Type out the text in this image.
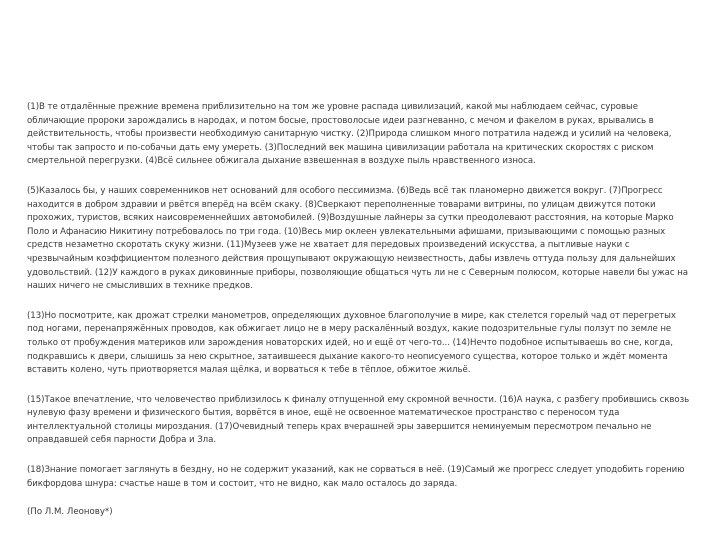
(1)В те отдалённые прежние времена приблизительно на том же уровне распада цивилизаций, какой мы наблюдаем сейчас, суровые обличающие пророки зарождались в народах, и потом босые, простоволосые идеи разгневанно, с мечом и факелом в руках, врывались в действительность, чтобы произвести необходимую санитарную чистку. (2)Природа слишком много потратила надежд и усилий на человека, чтобы так запросто и по-собачьи дать ему умереть. (3)Последний век машина цивилизации работала на критических скоростях с риском смертельной перегрузки. (4)Всё сильнее обжигала дыхание взвешенная в воздухе пыль нравственного износа.

(5)Казалось бы, у наших современников нет оснований для особого пессимизма. (6)Ведь всё так планомерно движется вокруг. (7)Прогресс находится в добром здравии и рвётся вперёд на всём скаку. (8)Сверкают переполненные товарами витрины, по улицам движутся потоки прохожих, туристов, всяких наисовременнейших автомобилей. (9)Воздушные лайнеры за сутки преодолевают расстояния, на которые Марко Поло и Афанасию Никитину потребовалось по три года. (10)Весь мир оклеен увлекательными афишами, призывающими с помощью разных средств незаметно скоротать скуку жизни. (11)Музеев уже не хватает для передовых произведений искусства, а пытливые науки с чрезвычайным коэффициентом полезного действия прощупывают окружающую неизвестность, дабы извлечь оттуда пользу для дальнейших удовольствий. (12)У каждого в руках диковинные приборы, позволяющие общаться чуть ли не с Северным полюсом, которые навели бы ужас на наших ничего не смысливших в технике предков.

(13)Но посмотрите, как дрожат стрелки манометров, определяющих духовное благополучие в мире, как стелется горелый чад от перегретых под ногами, перенапряжённых проводов, как обжигает лицо не в меру раскалённый воздух, какие подозрительные гулы ползут по земле не только от пробуждения материков или зарождения новаторских идей, но и ещё от чего-то... (14)Нечто подобное испытываешь во сне, когда, подкравшись к двери, слышишь за нею скрытное, затаившееся дыхание какого-то неописуемого существа, которое только и ждёт момента вставить колено, чуть приотворяется малая щёлка, и ворваться к тебе в тёплое, обжитое жильё.

(15)Такое впечатление, что человечество приблизилось к финалу отпущенной ему скромной вечности. (16)А наука, с разбегу пробившись сквозь нулевую фазу времени и физического бытия, ворвётся в иное, ещё не освоенное математическое пространство с переносом туда интеллектуальной столицы мироздания. (17)Очевидный теперь крах вчерашней эры завершится неминуемым пересмотром печально не оправдавшей себя парности Добра и Зла.

(18)Знание помогает заглянуть в бездну, но не содержит указаний, как не сорваться в неё. (19)Самый же прогресс следует уподобить горению бикфордова шнура: счастье наше в том и состоит, что не видно, как мало осталось до заряда.

(По Л.М. Леонову*)
